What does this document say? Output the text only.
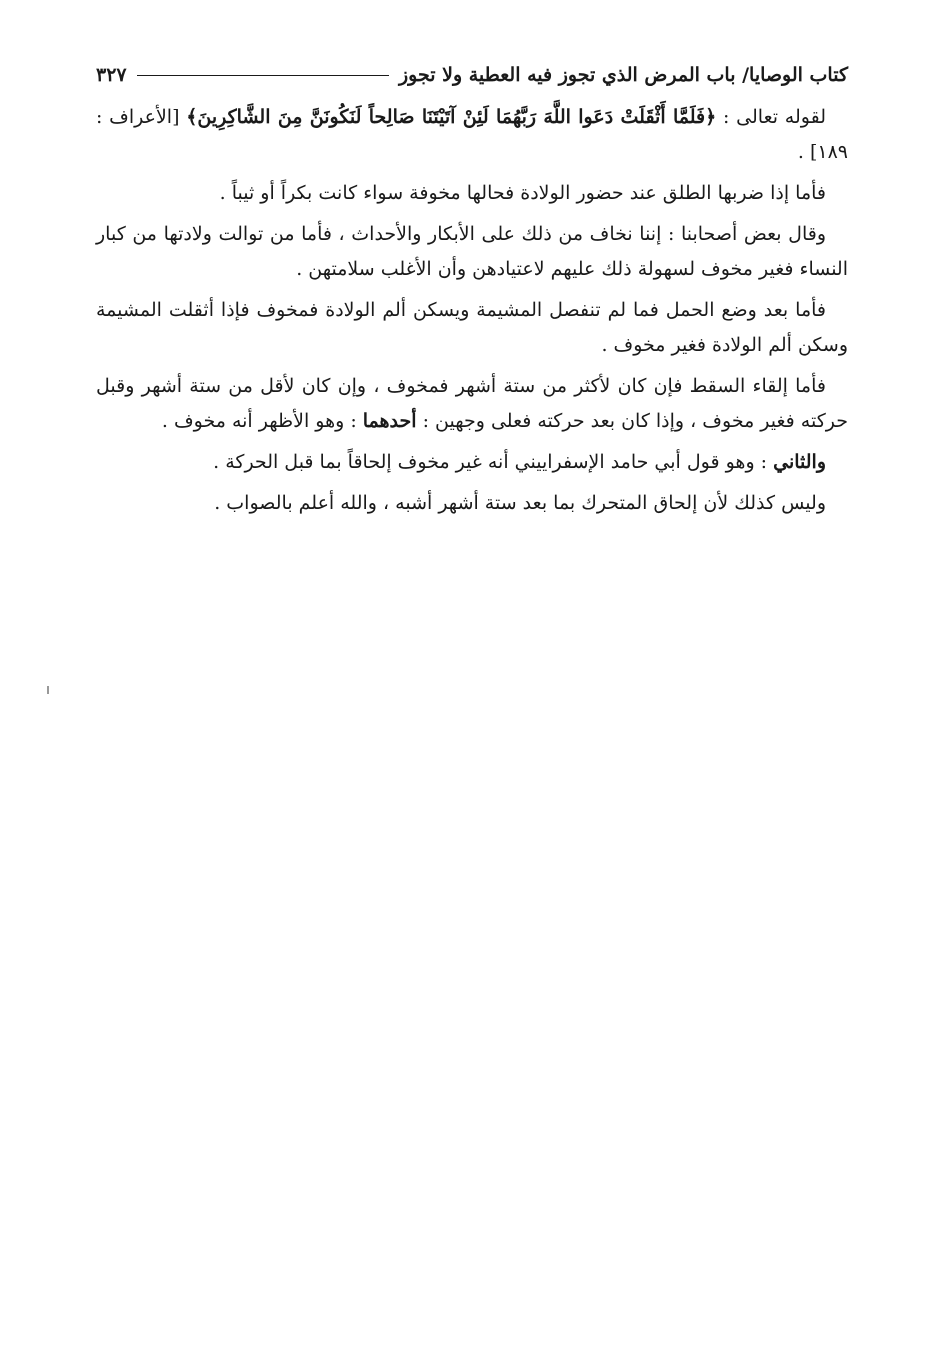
كتاب الوصايا/ باب المرض الذي تجوز فيه العطية ولا تجوز
٣٢٧

لقوله تعالى : ﴿فَلَمَّا أَثْقَلَتْ دَعَوا اللَّهَ رَبَّهُمَا لَئِنْ آتَيْتَنَا صَالِحاً لَنَكُونَنَّ مِنَ الشَّاكِرِينَ﴾ [الأعراف : ١٨٩] .

فأما إذا ضربها الطلق عند حضور الولادة فحالها مخوفة سواء كانت بكراً أو ثيباً .

وقال بعض أصحابنا : إننا نخاف من ذلك على الأبكار والأحداث ، فأما من توالت ولادتها من كبار النساء فغير مخوف لسهولة ذلك عليهم لاعتيادهن وأن الأغلب سلامتهن .

فأما بعد وضع الحمل فما لم تنفصل المشيمة ويسكن ألم الولادة فمخوف فإذا أثقلت المشيمة وسكن ألم الولادة فغير مخوف .

فأما إلقاء السقط فإن كان لأكثر من ستة أشهر فمخوف ، وإن كان لأقل من ستة أشهر وقبل حركته فغير مخوف ، وإذا كان بعد حركته فعلى وجهين : أحدهما : وهو الأظهر أنه مخوف .

والثاني : وهو قول أبي حامد الإسفراييني أنه غير مخوف إلحاقاً بما قبل الحركة .

وليس كذلك لأن إلحاق المتحرك بما بعد ستة أشهر أشبه ، والله أعلم بالصواب .
